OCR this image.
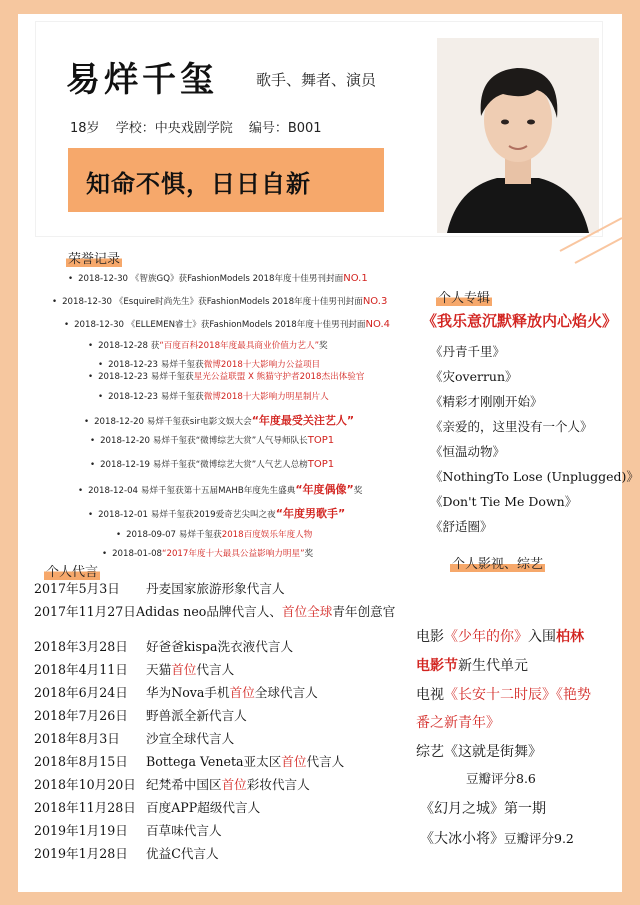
易烊千玺	歌手、舞者、演员
18岁 学校：中央戏剧学院 编号：B001
知命不惧，日日自新
荣誉记录
• 2018-12-30 《智族GQ》获FashionModels 2018年度十佳男刊封面NO.1
• 2018-12-30 《Esquire时尚先生》获FashionModels 2018年度十佳男刊封面NO.3
• 2018-12-30 《ELLEMEN睿士》获FashionModels 2018年度十佳男刊封面NO.4
• 2018-12-28 获“百度百科2018年度最具商业价值力艺人”奖
• 2018-12-23 易烊千玺获微博2018十大影响力公益项目
• 2018-12-23 易烊千玺获星光公益联盟 X 熊猫守护者2018杰出体验官
• 2018-12-23 易烊千玺获微博2018十大影响力明星制片人
• 2018-12-20 易烊千玺获sir电影文娱大会“年度最受关注艺人”
• 2018-12-20 易烊千玺获“微博综艺大赏”人气导师队长TOP1
• 2018-12-19 易烊千玺获“微博综艺大赏”人气艺人总榜TOP1
• 2018-12-04 易烊千玺获第十五届MAHB年度先生盛典“年度偶像”奖
• 2018-12-01 易烊千玺获2019爱奇艺尖叫之夜“年度男歌手”
• 2018-09-07 易烊千玺获2018百度娱乐年度人物
• 2018-01-08“2017年度十大最具公益影响力明星”奖
个人代言
2017年5月3日 丹麦国家旅游形象代言人
2017年11月27日Adidas neo品牌代言人、首位全球青年创意官
2018年3月28日 好爸爸kispa洗衣液代言人
2018年4月11日 天猫首位代言人
2018年6月24日 华为Nova手机首位全球代言人
2018年7月26日 野兽派全新代言人
2018年8月3日 沙宣全球代言人
2018年8月15日 Bottega Veneta亚太区首位代言人
2018年10月20日 纪梵希中国区首位彩妆代言人
2018年11月28日 百度APP超级代言人
2019年1月19日 百草味代言人
2019年1月28日 优益C代言人
个人专辑
《我乐意沉默释放内心焰火》
《丹青千里》
《灾overrun》
《精彩才刚刚开始》
《亲爱的，这里没有一个人》
《恒温动物》
《NothingTo Lose (Unplugged)》
《Don't Tie Me Down》
《舒适圈》
个人影视、综艺
电影《少年的你》入围柏林
电影节新生代单元
电视《长安十二时辰》《艳势
番之新青年》
综艺《这就是街舞》
豆瓣评分8.6
《幻月之城》第一期
《大冰小将》豆瓣评分9.2
